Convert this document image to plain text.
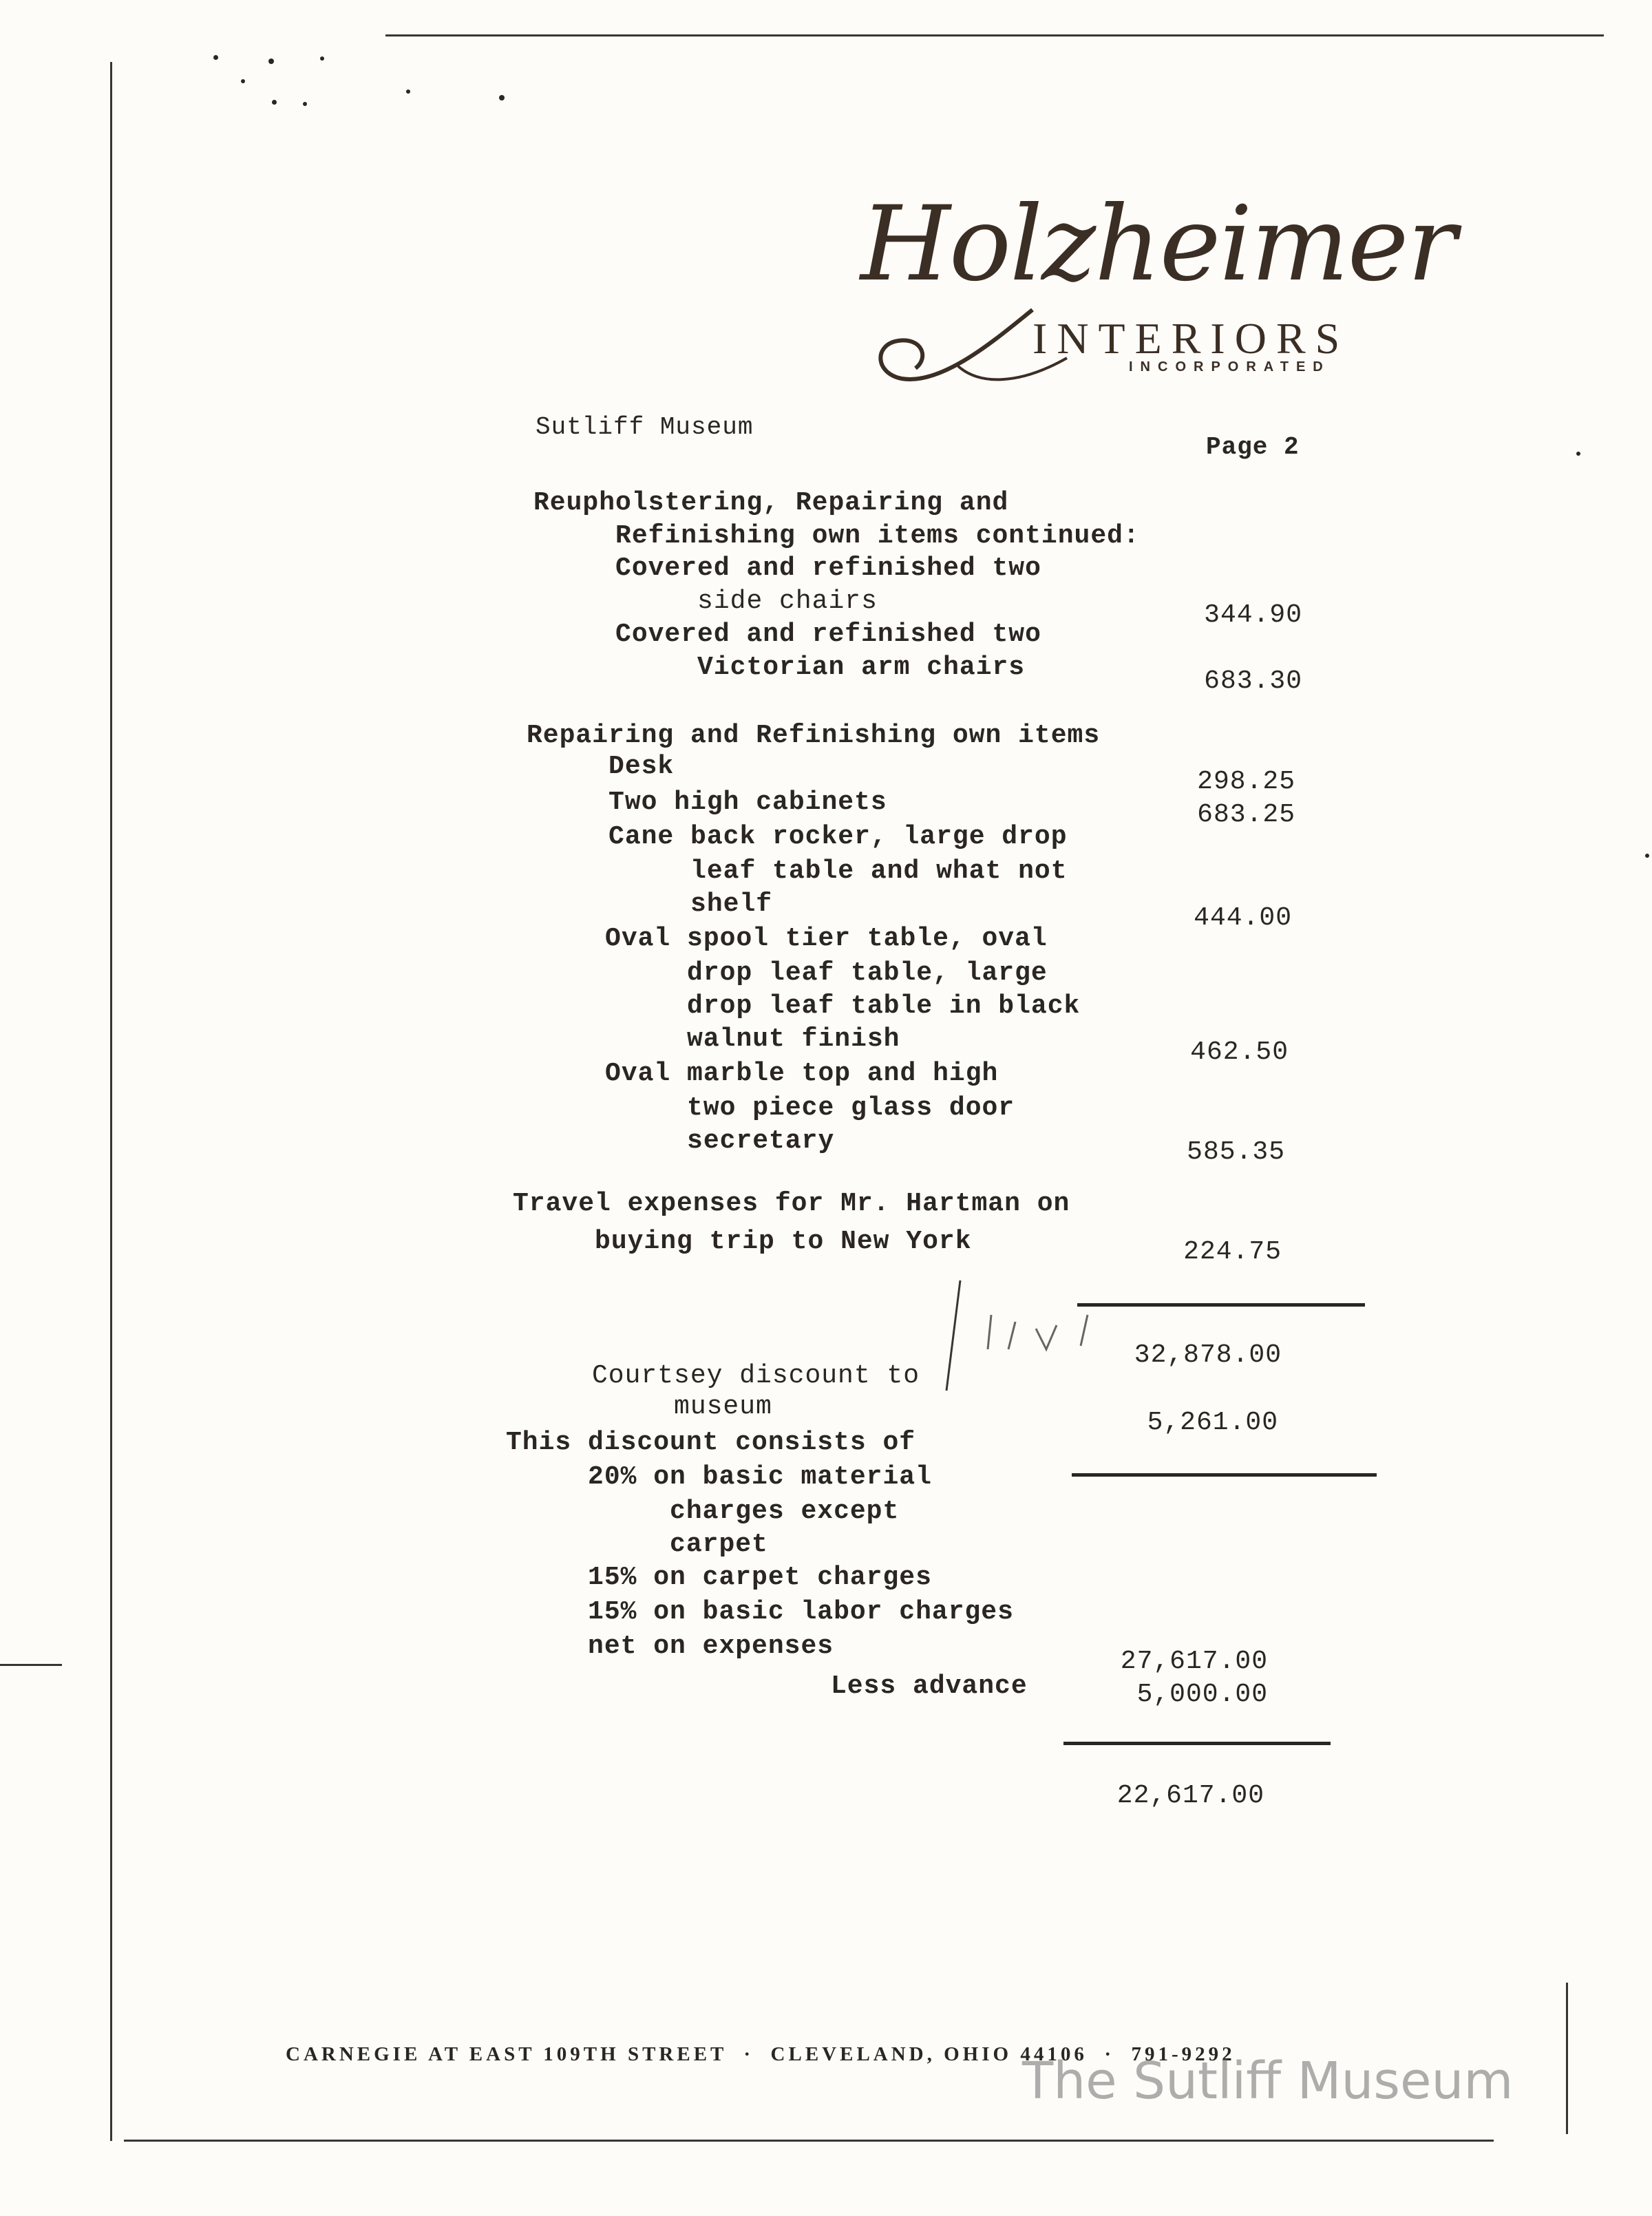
Holzheimer
INTERIORS
INCORPORATED
Sutliff Museum
Page 2
Reupholstering, Repairing and
Refinishing own items continued:
Covered and refinished two
side chairs
Covered and refinished two
Victorian arm chairs
344.90
683.30
Repairing and Refinishing own items
Desk
Two high cabinets
Cane back rocker, large drop
leaf table and what not
shelf
Oval spool tier table, oval
drop leaf table, large
drop leaf table in black
walnut finish
Oval marble top and high
two piece glass door
secretary
298.25
683.25
444.00
462.50
585.35
Travel expenses for Mr. Hartman on
buying trip to New York	224.75
32,878.00
Courtsey discount to
museum
5,261.00
This discount consists of
20% on basic material
charges except
carpet
15% on carpet charges
15% on basic labor charges
net on expenses
27,617.00
Less advance	5,000.00
22,617.00
CARNEGIE AT EAST 109TH STREET  ·  CLEVELAND, OHIO 44106  ·  791-9292
The Sutliff Museum
